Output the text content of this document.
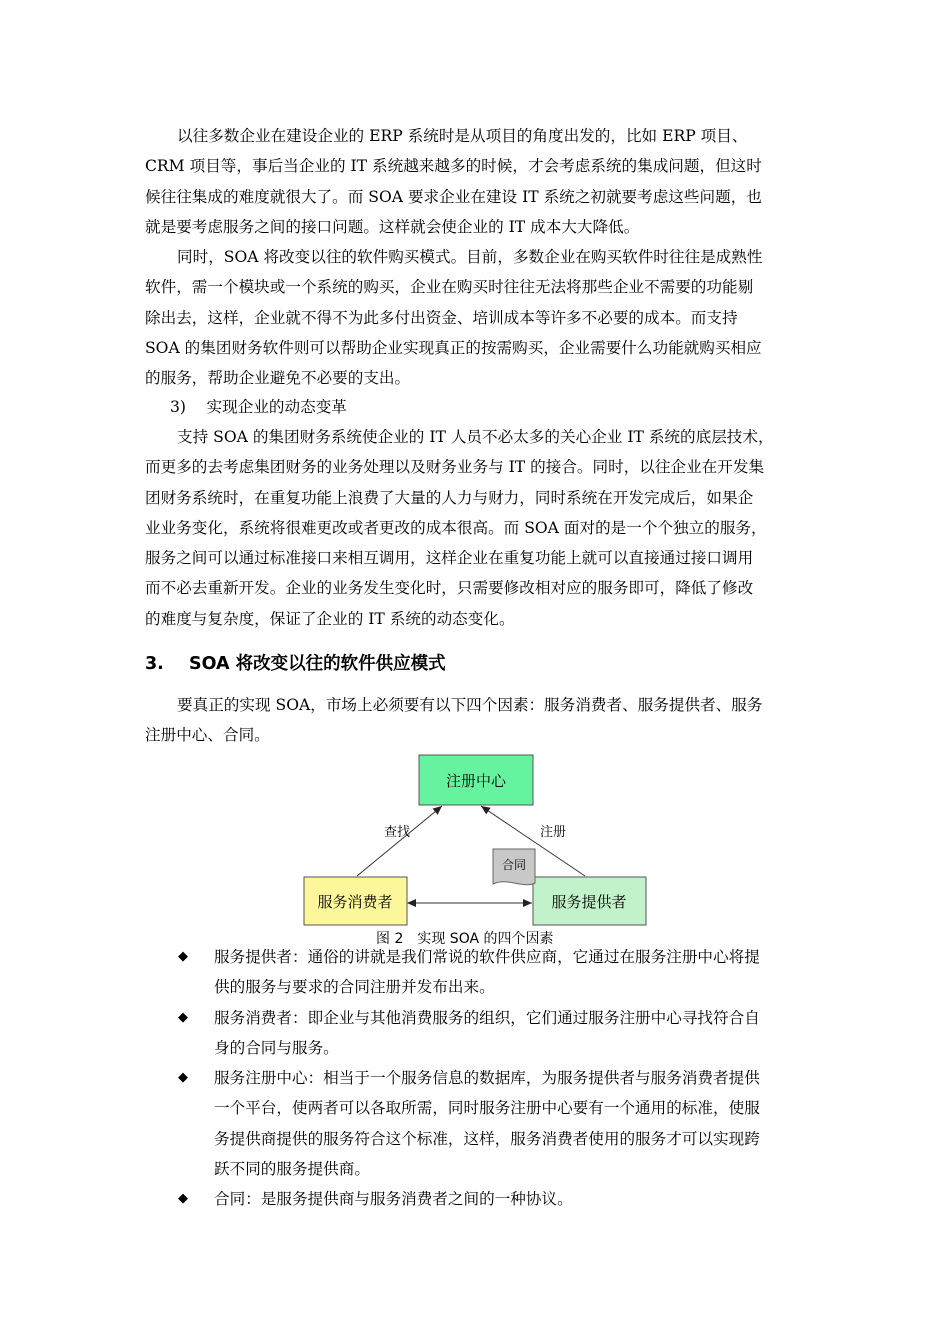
以往多数企业在建设企业的 ERP 系统时是从项目的角度出发的，比如 ERP 项目、
CRM 项目等，事后当企业的 IT 系统越来越多的时候，才会考虑系统的集成问题，但这时
候往往集成的难度就很大了。而 SOA 要求企业在建设 IT 系统之初就要考虑这些问题，也
就是要考虑服务之间的接口问题。这样就会使企业的 IT 成本大大降低。

同时，SOA 将改变以往的软件购买模式。目前，多数企业在购买软件时往往是成熟性
软件，需一个模块或一个系统的购买，企业在购买时往往无法将那些企业不需要的功能剔
除出去，这样，企业就不得不为此多付出资金、培训成本等许多不必要的成本。而支持
SOA 的集团财务软件则可以帮助企业实现真正的按需购买，企业需要什么功能就购买相应
的服务，帮助企业避免不必要的支出。

3)　 实现企业的动态变革

支持 SOA 的集团财务系统使企业的 IT 人员不必太多的关心企业 IT 系统的底层技术，
而更多的去考虑集团财务的业务处理以及财务业务与 IT 的接合。同时，以往企业在开发集
团财务系统时，在重复功能上浪费了大量的人力与财力，同时系统在开发完成后，如果企
业业务变化，系统将很难更改或者更改的成本很高。而 SOA 面对的是一个个独立的服务，
服务之间可以通过标准接口来相互调用，这样企业在重复功能上就可以直接通过接口调用
而不必去重新开发。企业的业务发生变化时，只需要修改相对应的服务即可，降低了修改
的难度与复杂度，保证了企业的 IT 系统的动态变化。

3. SOA 将改变以往的软件供应模式

要真正的实现 SOA，市场上必须要有以下四个因素：服务消费者、服务提供者、服务
注册中心、合同。

注册中心
服务消费者	服务提供者
查找	注册
合同
图 2　实现 SOA 的四个因素
◆ 服务提供者：通俗的讲就是我们常说的软件供应商，它通过在服务注册中心将提
供的服务与要求的合同注册并发布出来。
◆ 服务消费者：即企业与其他消费服务的组织，它们通过服务注册中心寻找符合自
身的合同与服务。
◆ 服务注册中心：相当于一个服务信息的数据库，为服务提供者与服务消费者提供
一个平台，使两者可以各取所需，同时服务注册中心要有一个通用的标准，使服
务提供商提供的服务符合这个标准，这样，服务消费者使用的服务才可以实现跨
跃不同的服务提供商。
◆ 合同：是服务提供商与服务消费者之间的一种协议。
